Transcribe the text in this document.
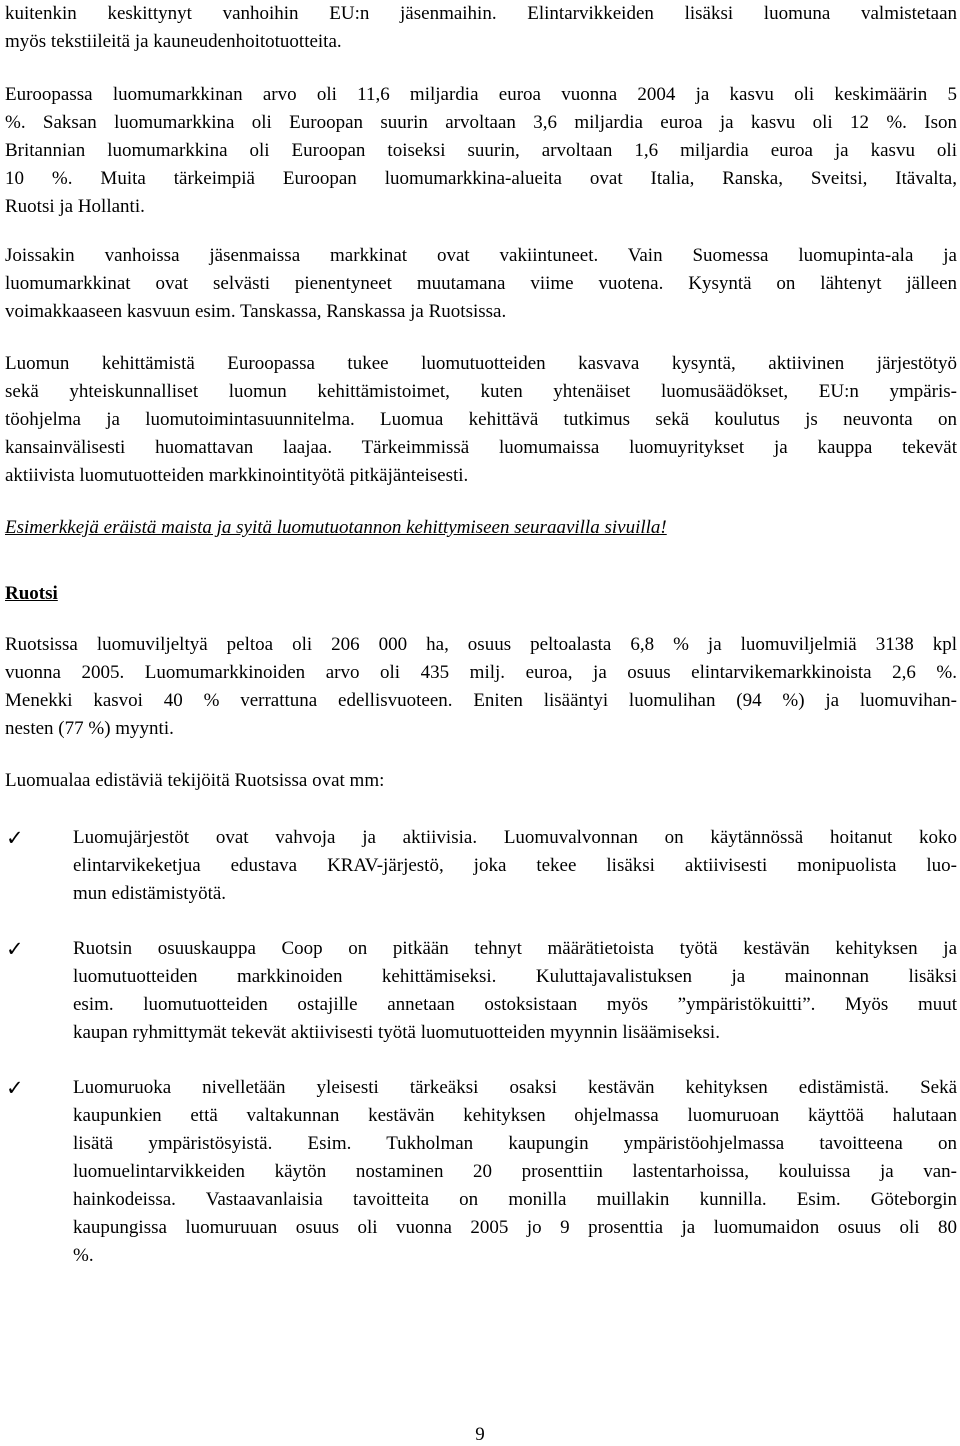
kuitenkin keskittynyt vanhoihin EU:n jäsenmaihin. Elintarvikkeiden lisäksi luomuna valmistetaan
myös tekstiileitä ja kauneudenhoitotuotteita.
Euroopassa luomumarkkinan arvo oli 11,6 miljardia euroa vuonna 2004 ja kasvu oli keskimäärin 5
%. Saksan luomumarkkina oli Euroopan suurin arvoltaan 3,6 miljardia euroa ja kasvu oli 12 %. Ison
Britannian luomumarkkina oli Euroopan toiseksi suurin, arvoltaan 1,6 miljardia euroa ja kasvu oli
10 %. Muita tärkeimpiä Euroopan luomumarkkina-alueita ovat Italia, Ranska, Sveitsi, Itävalta,
Ruotsi ja Hollanti.
Joissakin vanhoissa jäsenmaissa markkinat ovat vakiintuneet. Vain Suomessa luomupinta-ala ja
luomumarkkinat ovat selvästi pienentyneet muutamana viime vuotena. Kysyntä on lähtenyt jälleen
voimakkaaseen kasvuun esim. Tanskassa, Ranskassa ja Ruotsissa.
Luomun kehittämistä Euroopassa tukee luomutuotteiden kasvava kysyntä, aktiivinen järjestötyö
sekä yhteiskunnalliset luomun kehittämistoimet, kuten yhtenäiset luomusäädökset, EU:n ympäris-
töohjelma ja luomutoimintasuunnitelma. Luomua kehittävä tutkimus sekä koulutus js neuvonta on
kansainvälisesti huomattavan laajaa. Tärkeimmissä luomumaissa luomuyritykset ja kauppa tekevät
aktiivista luomutuotteiden markkinointityötä pitkäjänteisesti.
Esimerkkejä eräistä maista ja syitä luomutuotannon kehittymiseen seuraavilla sivuilla!
Ruotsi
Ruotsissa luomuviljeltyä peltoa oli 206 000 ha, osuus peltoalasta 6,8 % ja luomuviljelmiä 3138 kpl
vuonna 2005. Luomumarkkinoiden arvo oli 435 milj. euroa, ja osuus elintarvikemarkkinoista 2,6 %.
Menekki kasvoi 40 % verrattuna edellisvuoteen. Eniten lisääntyi luomulihan (94 %) ja luomuvihan-
nesten (77 %) myynti.
Luomualaa edistäviä tekijöitä Ruotsissa ovat mm:
✓	Luomujärjestöt ovat vahvoja ja aktiivisia. Luomuvalvonnan on käytännössä hoitanut koko
elintarvikeketjua edustava KRAV-järjestö, joka tekee lisäksi aktiivisesti monipuolista luo-
mun edistämistyötä.
✓	Ruotsin osuuskauppa Coop on pitkään tehnyt määrätietoista työtä kestävän kehityksen ja
luomutuotteiden markkinoiden kehittämiseksi. Kuluttajavalistuksen ja mainonnan lisäksi
esim. luomutuotteiden ostajille annetaan ostoksistaan myös ”ympäristökuitti”. Myös muut
kaupan ryhmittymät tekevät aktiivisesti työtä luomutuotteiden myynnin lisäämiseksi.
✓	Luomuruoka nivelletään yleisesti tärkeäksi osaksi kestävän kehityksen edistämistä. Sekä
kaupunkien että valtakunnan kestävän kehityksen ohjelmassa luomuruoan käyttöä halutaan
lisätä ympäristösyistä. Esim. Tukholman kaupungin ympäristöohjelmassa tavoitteena on
luomuelintarvikkeiden käytön nostaminen 20 prosenttiin lastentarhoissa, kouluissa ja van-
hainkodeissa. Vastaavanlaisia tavoitteita on monilla muillakin kunnilla. Esim. Göteborgin
kaupungissa luomuruuan osuus oli vuonna 2005 jo 9 prosenttia ja luomumaidon osuus oli 80
%.
9
